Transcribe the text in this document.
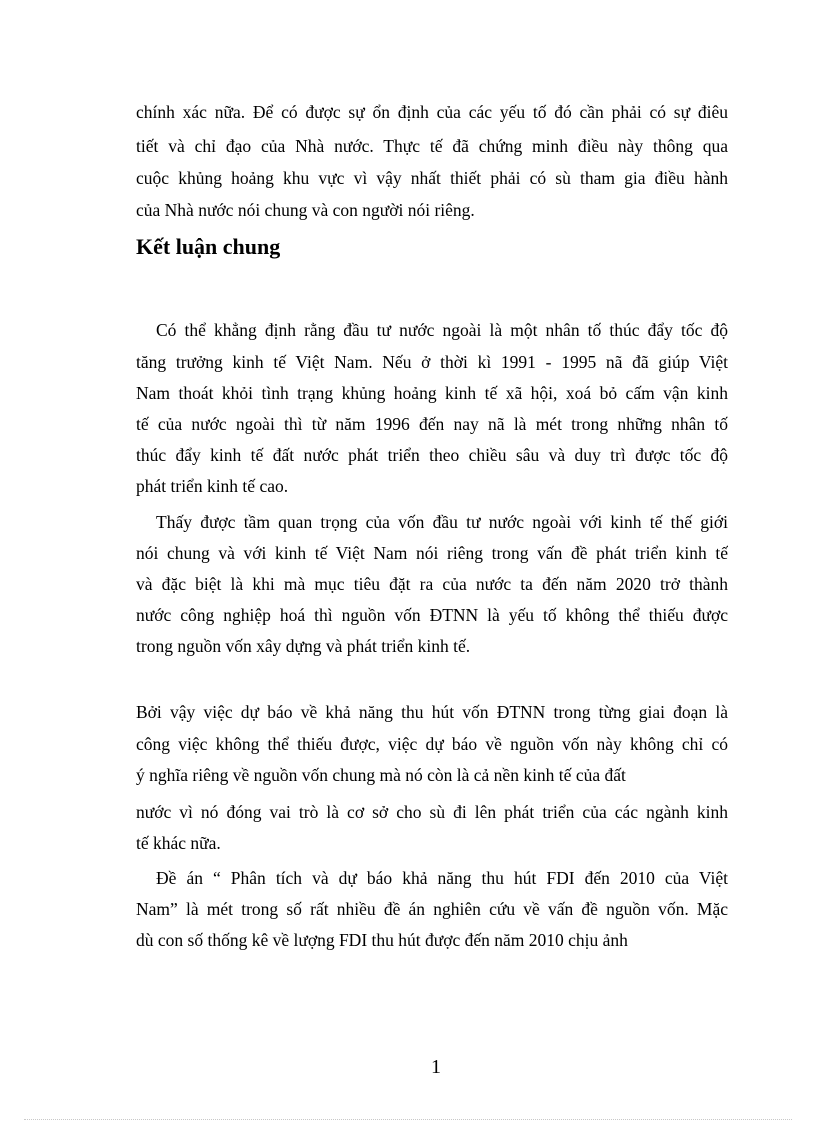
chính xác nữa. Để có được sự ổn định của các yếu tố đó cần phải có sự điêu
tiết và chỉ đạo của Nhà nước. Thực tế đã chứng minh điều này thông qua
cuộc khủng hoảng khu vực vì vậy nhất thiết phải có sù tham gia điều hành
của Nhà nước nói chung và con người nói riêng.
Kết luận chung
Có thể khẳng định rằng đầu tư nước ngoài là một nhân tố thúc đẩy tốc độ
tăng trưởng kinh tế Việt Nam. Nếu ở thời kì 1991 - 1995 nã đã giúp Việt
Nam thoát khỏi tình trạng khủng hoảng kinh tế xã hội, xoá bỏ cấm vận kinh
tế của nước ngoài thì từ năm 1996 đến nay nã là mét trong những nhân tố
thúc đẩy kinh tế đất nước phát triển theo chiều sâu và duy trì được tốc độ
phát triển kinh tế cao.
Thấy được tầm quan trọng của vốn đầu tư nước ngoài với kinh tế thế giới
nói chung và với kinh tế Việt Nam nói riêng trong vấn đề phát triển kinh tế
và đặc biệt là khi mà mục tiêu đặt ra của nước ta đến năm 2020 trở thành
nước công nghiệp hoá thì nguồn vốn ĐTNN là yếu tố không thể thiếu được
trong nguồn vốn xây dựng và phát triển kinh tế.
Bởi vậy việc dự báo về khả năng thu hút vốn ĐTNN trong từng giai đoạn là
công việc không thể thiếu được, việc dự báo về nguồn vốn này không chỉ có
ý nghĩa riêng về nguồn vốn chung mà nó còn là cả nền kinh tế của đất
nước vì nó đóng vai trò là cơ sở cho sù đi lên phát triển của các ngành kinh
tế khác nữa.
Đề án “ Phân tích và dự báo khả năng thu hút FDI đến 2010 của Việt
Nam” là mét trong số rất nhiều đề án nghiên cứu về vấn đề nguồn vốn. Mặc
dù con số thống kê về lượng FDI thu hút được đến năm 2010 chịu ảnh
1
